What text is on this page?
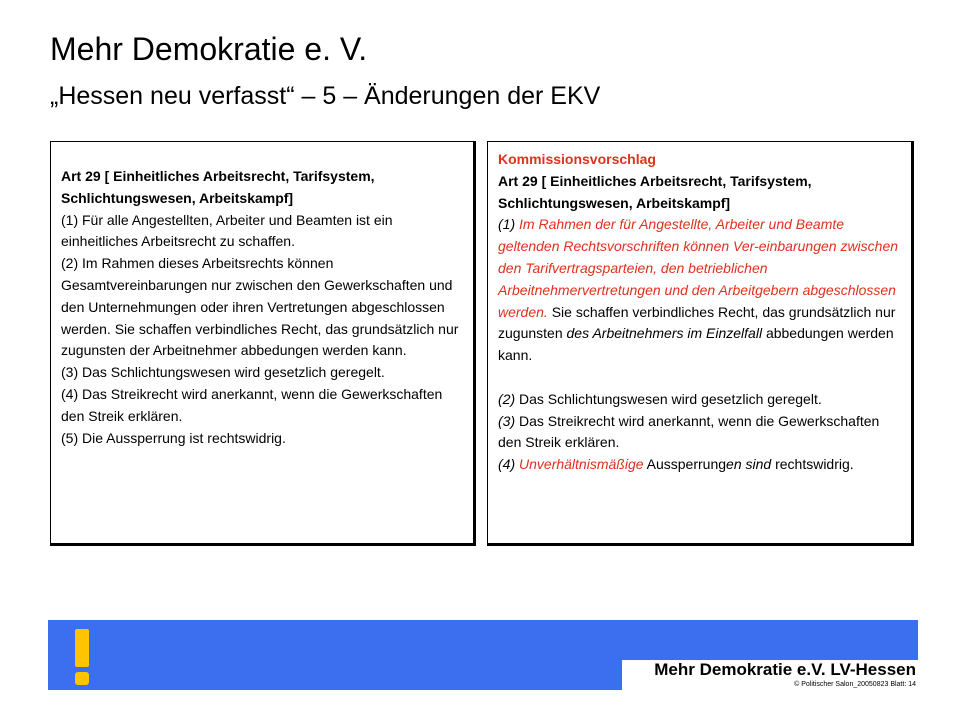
Mehr Demokratie e. V.
„Hessen neu verfasst“ – 5 – Änderungen der EKV

Art 29 [ Einheitliches Arbeitsrecht, Tarifsystem, Schlichtungswesen, Arbeitskampf]

(1) Für alle Angestellten, Arbeiter und Beamten ist ein einheitliches Arbeitsrecht zu schaffen.

(2) Im Rahmen dieses Arbeitsrechts können Gesamtvereinbarungen nur zwischen den Gewerkschaften und den Unternehmungen oder ihren Vertretungen abgeschlossen werden. Sie schaffen verbindliches Recht, das grundsätzlich nur zugunsten der Arbeitnehmer abbedungen werden kann.

(3) Das Schlichtungswesen wird gesetzlich geregelt.

(4) Das Streikrecht wird anerkannt, wenn die Gewerkschaften den Streik erklären.

(5) Die Aussperrung ist rechtswidrig.

Kommissionsvorschlag

Art 29 [ Einheitliches Arbeitsrecht, Tarifsystem, Schlichtungswesen, Arbeitskampf]

(1) Im Rahmen der für Angestellte, Arbeiter und Beamte geltenden Rechtsvorschriften können Ver-einbarungen zwischen den Tarifvertragsparteien, den betrieblichen Arbeitnehmervertretungen und den Arbeitgebern abgeschlossen werden. Sie schaffen verbindliches Recht, das grundsätzlich nur zugunsten des Arbeitnehmers im Einzelfall abbedungen werden kann.

(2) Das Schlichtungswesen wird gesetzlich geregelt.

(3) Das Streikrecht wird anerkannt, wenn die Gewerkschaften den Streik erklären.

(4) Unverhältnismäßige Aussperrungen sind rechtswidrig.

Mehr Demokratie e.V. LV-Hessen
© Politischer Salon_20050823 Blatt: 14
